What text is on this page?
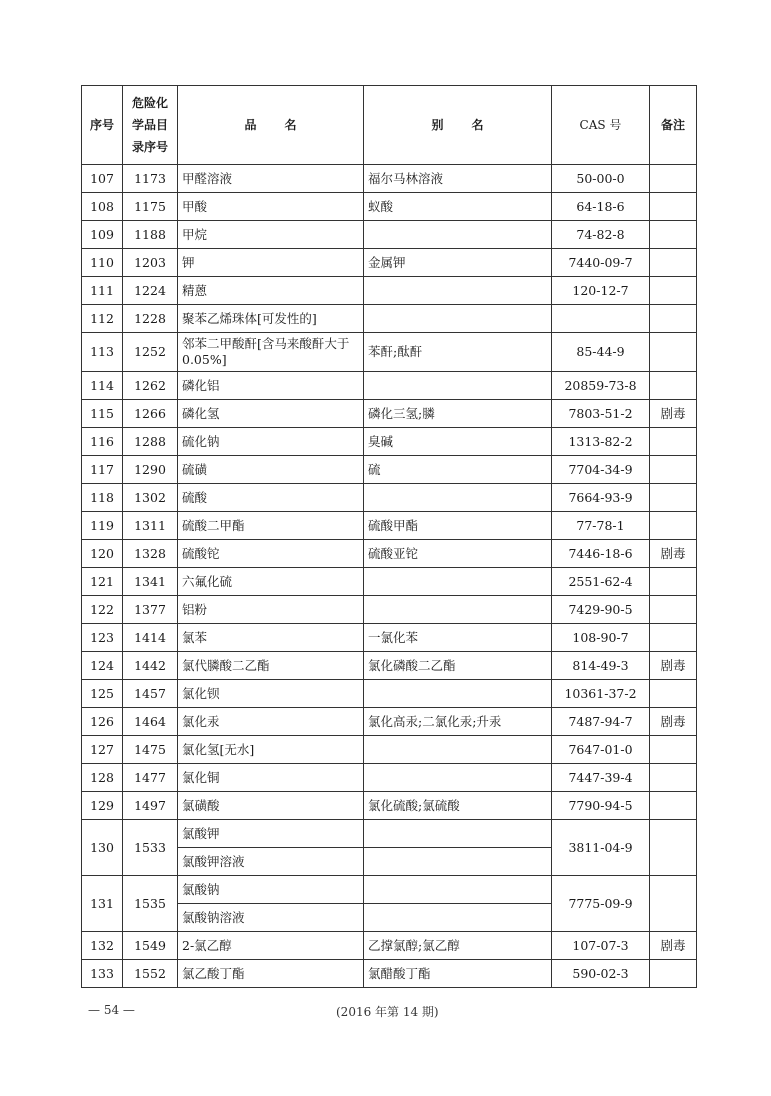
序号	危险化学品目录序号	品 名	别 名	CAS 号	备注
107	1173	甲醛溶液	福尔马林溶液	50-00-0	
108	1175	甲酸	蚁酸	64-18-6	
109	1188	甲烷		74-82-8	
110	1203	钾	金属钾	7440-09-7	
111	1224	精蒽		120-12-7	
112	1228	聚苯乙烯珠体[可发性的]			
113	1252	邻苯二甲酸酐[含马来酸酐大于 0.05%]	苯酐;酞酐	85-44-9	
114	1262	磷化铝		20859-73-8	
115	1266	磷化氢	磷化三氢;膦	7803-51-2	剧毒
116	1288	硫化钠	臭碱	1313-82-2	
117	1290	硫磺	硫	7704-34-9	
118	1302	硫酸		7664-93-9	
119	1311	硫酸二甲酯	硫酸甲酯	77-78-1	
120	1328	硫酸铊	硫酸亚铊	7446-18-6	剧毒
121	1341	六氟化硫		2551-62-4	
122	1377	铝粉		7429-90-5	
123	1414	氯苯	一氯化苯	108-90-7	
124	1442	氯代膦酸二乙酯	氯化磷酸二乙酯	814-49-3	剧毒
125	1457	氯化钡		10361-37-2	
126	1464	氯化汞	氯化高汞;二氯化汞;升汞	7487-94-7	剧毒
127	1475	氯化氢[无水]		7647-01-0	
128	1477	氯化铜		7447-39-4	
129	1497	氯磺酸	氯化硫酸;氯硫酸	7790-94-5	
130	1533	氯酸钾		3811-04-9	
		氯酸钾溶液			
131	1535	氯酸钠		7775-09-9	
		氯酸钠溶液			
132	1549	2-氯乙醇	乙撑氯醇;氯乙醇	107-07-3	剧毒
133	1552	氯乙酸丁酯	氯醋酸丁酯	590-02-3	
— 54 —	(2016 年第 14 期)
